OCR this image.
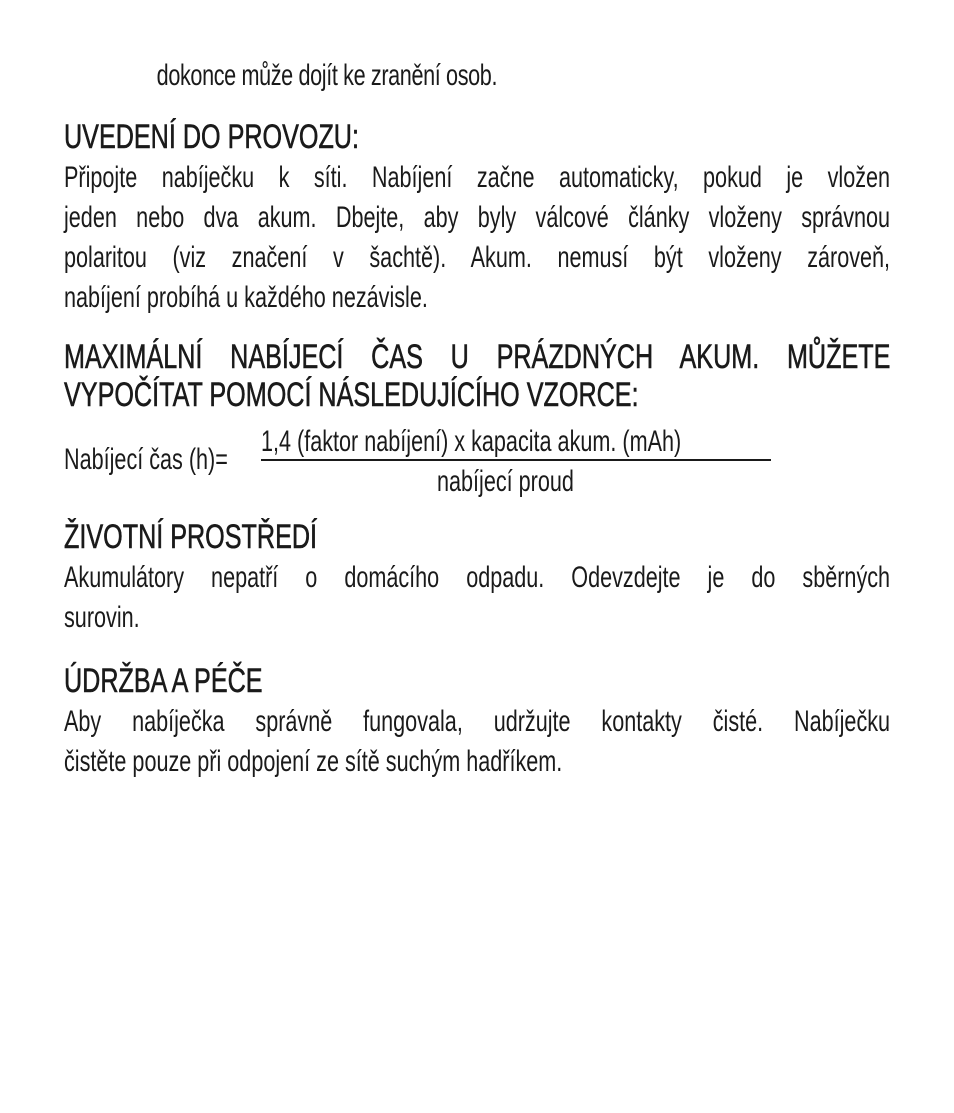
dokonce může dojít ke zranění osob.
UVEDENÍ DO PROVOZU:
Připojte nabíječku k síti. Nabíjení začne automaticky, pokud je vložen
jeden nebo dva akum. Dbejte, aby byly válcové články vloženy správnou
polaritou (viz značení v šachtě). Akum. nemusí být vloženy zároveň,
nabíjení probíhá u každého nezávisle.
MAXIMÁLNÍ NABÍJECÍ ČAS U PRÁZDNÝCH AKUM. MŮŽETE
VYPOČÍTAT POMOCÍ NÁSLEDUJÍCÍHO VZORCE:
Nabíjecí čas (h)=
1,4 (faktor nabíjení) x kapacita akum. (mAh)
nabíjecí proud
ŽIVOTNÍ PROSTŘEDÍ
Akumulátory nepatří o domácího odpadu. Odevzdejte je do sběrných
surovin.
ÚDRŽBA A PÉČE
Aby nabíječka správně fungovala, udržujte kontakty čisté. Nabíječku
čistěte pouze při odpojení ze sítě suchým hadříkem.
